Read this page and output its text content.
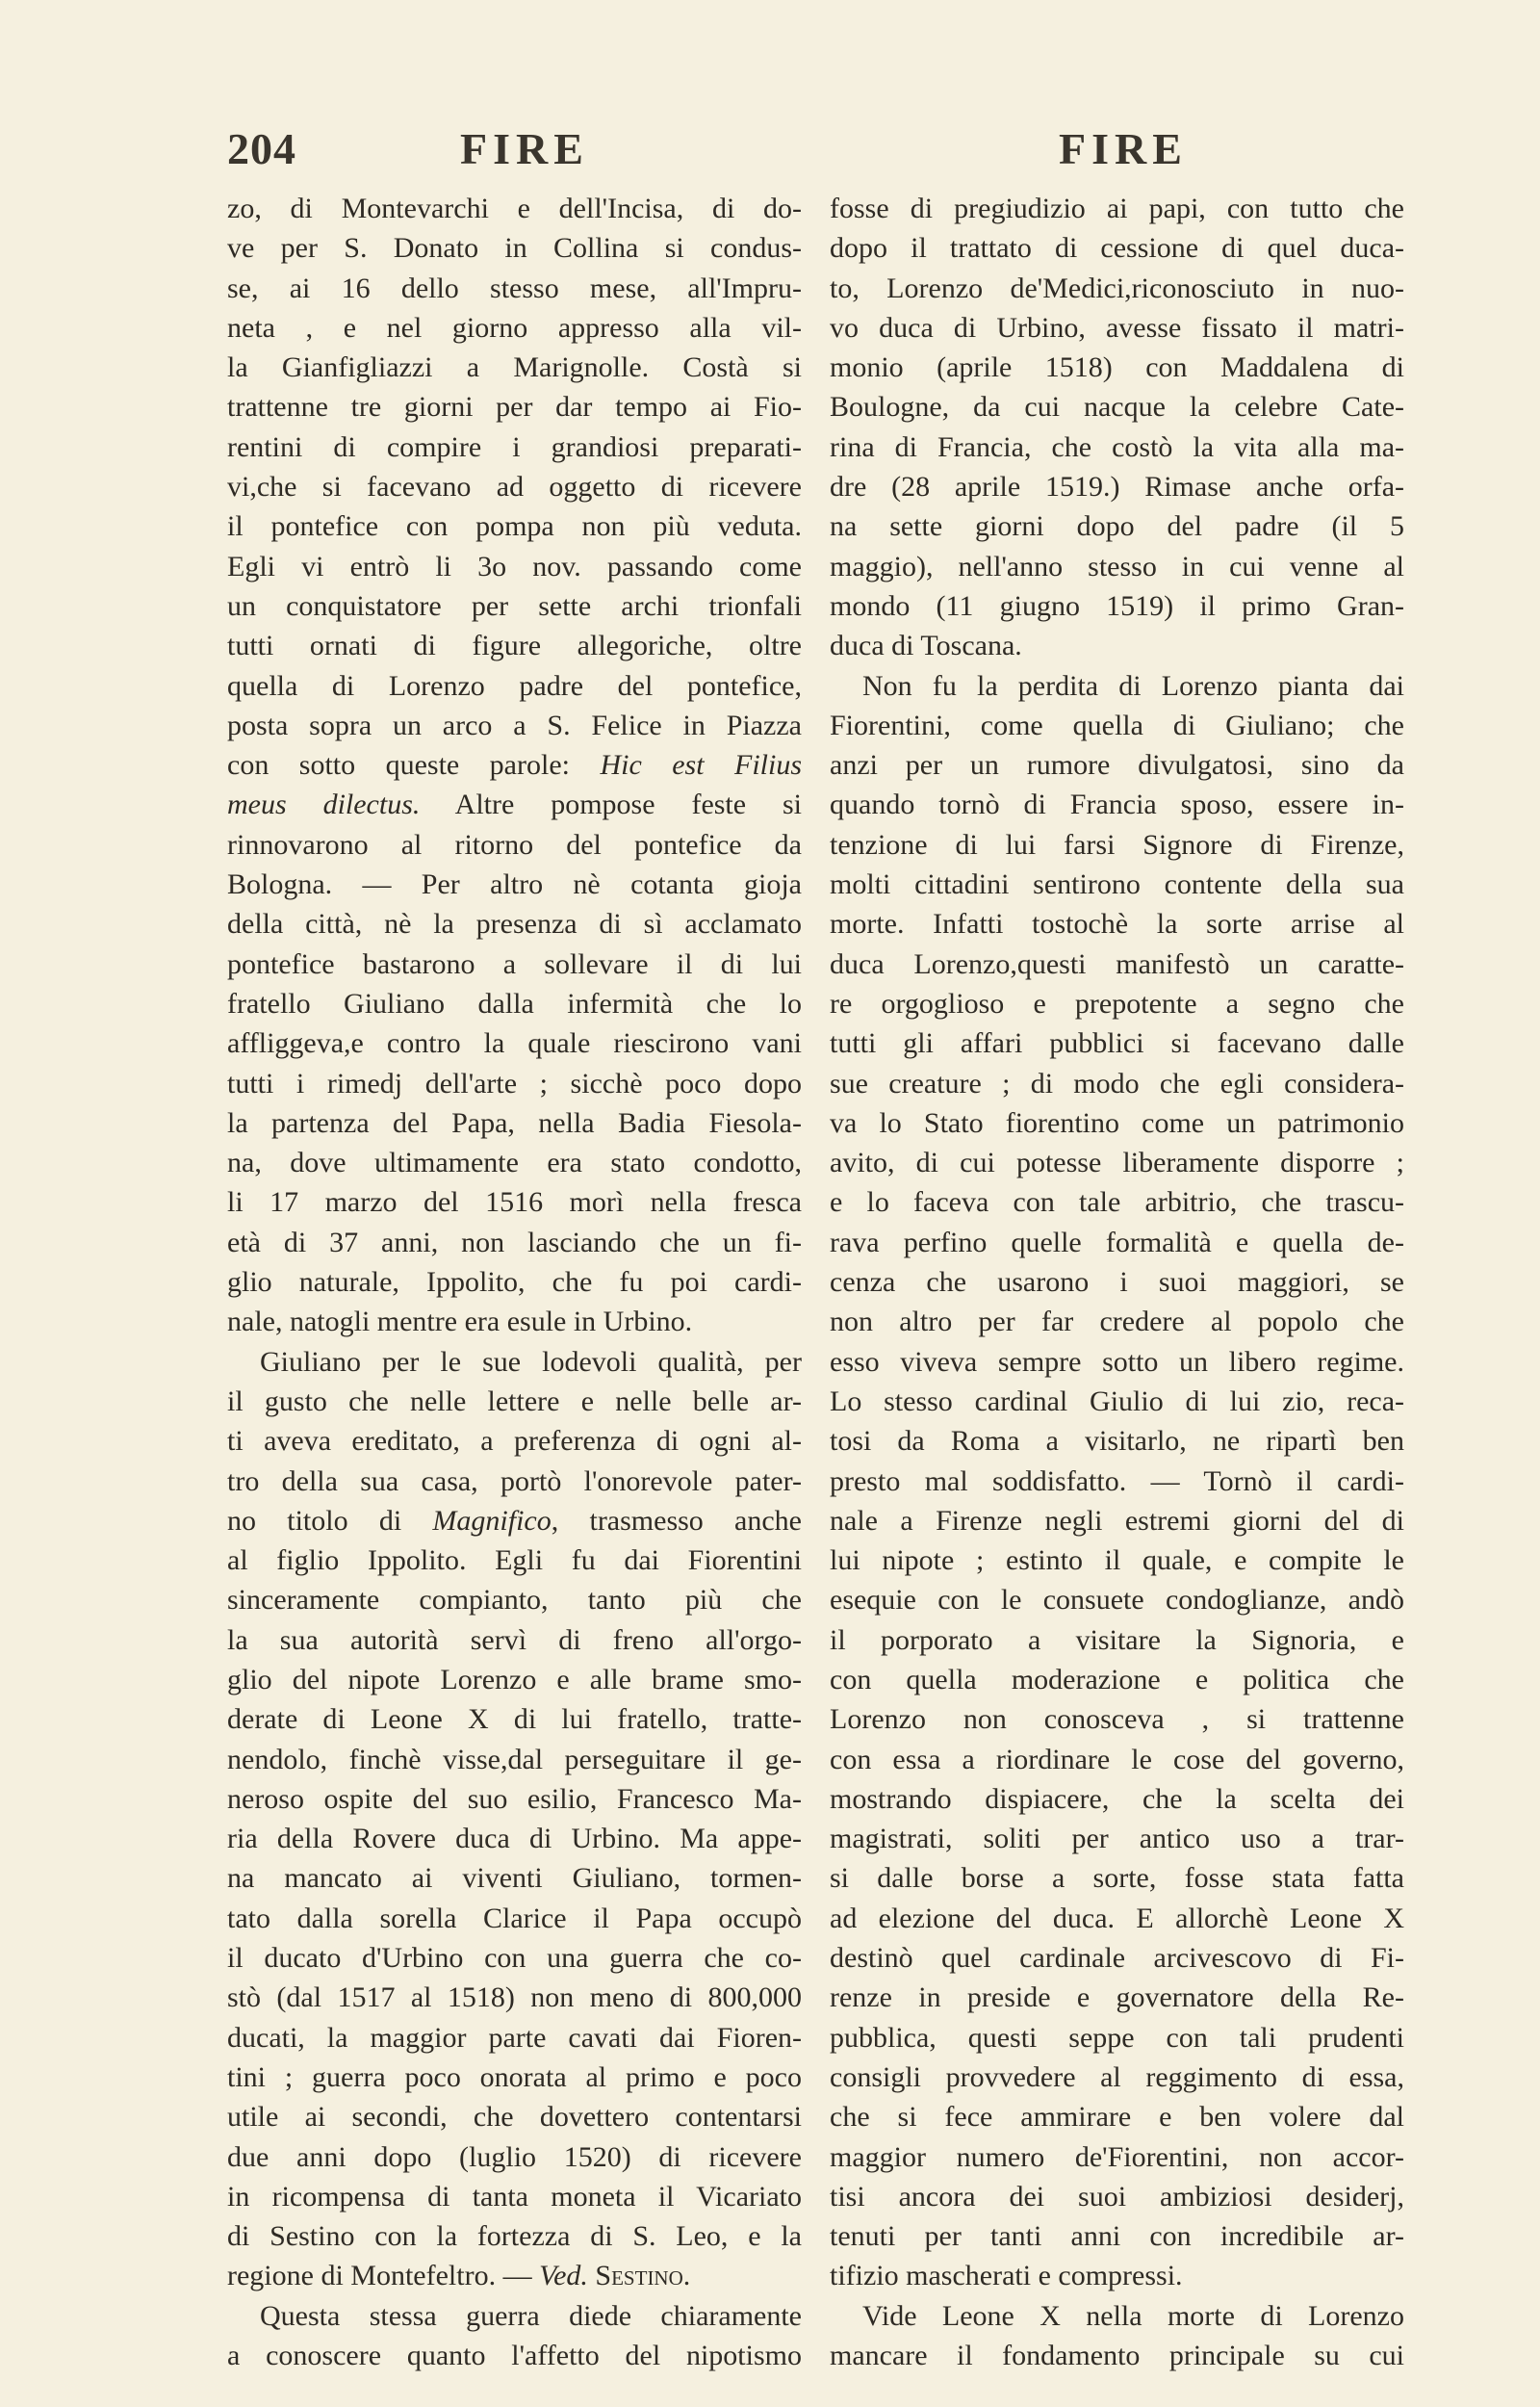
204	FIRE	FIRE
zo, di Montevarchi e dell'Incisa, di do-
ve per S. Donato in Collina si condus-
se, ai 16 dello stesso mese, all'Impru-
neta , e nel giorno appresso alla vil-
la Gianfigliazzi a Marignolle. Costà si
trattenne tre giorni per dar tempo ai Fio-
rentini di compire i grandiosi preparati-
vi,che si facevano ad oggetto di ricevere
il pontefice con pompa non più veduta.
Egli vi entrò li 3o nov. passando come
un conquistatore per sette archi trionfali
tutti ornati di figure allegoriche, oltre
quella di Lorenzo padre del pontefice,
posta sopra un arco a S. Felice in Piazza
con sotto queste parole: Hic est Filius
meus dilectus. Altre pompose feste si
rinnovarono al ritorno del pontefice da
Bologna. — Per altro nè cotanta gioja
della città, nè la presenza di sì acclamato
pontefice bastarono a sollevare il di lui
fratello Giuliano dalla infermità che lo
affliggeva,e contro la quale riescirono vani
tutti i rimedj dell'arte ; sicchè poco dopo
la partenza del Papa, nella Badia Fiesola-
na, dove ultimamente era stato condotto,
li 17 marzo del 1516 morì nella fresca
età di 37 anni, non lasciando che un fi-
glio naturale, Ippolito, che fu poi cardi-
nale, natogli mentre era esule in Urbino.
Giuliano per le sue lodevoli qualità, per
il gusto che nelle lettere e nelle belle ar-
ti aveva ereditato, a preferenza di ogni al-
tro della sua casa, portò l'onorevole pater-
no titolo di Magnifico, trasmesso anche
al figlio Ippolito. Egli fu dai Fiorentini
sinceramente compianto, tanto più che
la sua autorità servì di freno all'orgo-
glio del nipote Lorenzo e alle brame smo-
derate di Leone X di lui fratello, tratte-
nendolo, finchè visse,dal perseguitare il ge-
neroso ospite del suo esilio, Francesco Ma-
ria della Rovere duca di Urbino. Ma appe-
na mancato ai viventi Giuliano, tormen-
tato dalla sorella Clarice il Papa occupò
il ducato d'Urbino con una guerra che co-
stò (dal 1517 al 1518) non meno di 800,000
ducati, la maggior parte cavati dai Fioren-
tini ; guerra poco onorata al primo e poco
utile ai secondi, che dovettero contentarsi
due anni dopo (luglio 1520) di ricevere
in ricompensa di tanta moneta il Vicariato
di Sestino con la fortezza di S. Leo, e la
regione di Montefeltro. — Ved. Sestino.
Questa stessa guerra diede chiaramente
a conoscere quanto l'affetto del nipotismo
fosse di pregiudizio ai papi, con tutto che
dopo il trattato di cessione di quel duca-
to, Lorenzo de'Medici,riconosciuto in nuo-
vo duca di Urbino, avesse fissato il matri-
monio (aprile 1518) con Maddalena di
Boulogne, da cui nacque la celebre Cate-
rina di Francia, che costò la vita alla ma-
dre (28 aprile 1519.) Rimase anche orfa-
na sette giorni dopo del padre (il 5
maggio), nell'anno stesso in cui venne al
mondo (11 giugno 1519) il primo Gran-
duca di Toscana.
Non fu la perdita di Lorenzo pianta dai
Fiorentini, come quella di Giuliano; che
anzi per un rumore divulgatosi, sino da
quando tornò di Francia sposo, essere in-
tenzione di lui farsi Signore di Firenze,
molti cittadini sentirono contente della sua
morte. Infatti tostochè la sorte arrise al
duca Lorenzo,questi manifestò un caratte-
re orgoglioso e prepotente a segno che
tutti gli affari pubblici si facevano dalle
sue creature ; di modo che egli considera-
va lo Stato fiorentino come un patrimonio
avito, di cui potesse liberamente disporre ;
e lo faceva con tale arbitrio, che trascu-
rava perfino quelle formalità e quella de-
cenza che usarono i suoi maggiori, se
non altro per far credere al popolo che
esso viveva sempre sotto un libero regime.
Lo stesso cardinal Giulio di lui zio, reca-
tosi da Roma a visitarlo, ne ripartì ben
presto mal soddisfatto. — Tornò il cardi-
nale a Firenze negli estremi giorni del di
lui nipote ; estinto il quale, e compite le
esequie con le consuete condoglianze, andò
il porporato a visitare la Signoria, e
con quella moderazione e politica che
Lorenzo non conosceva , si trattenne
con essa a riordinare le cose del governo,
mostrando dispiacere, che la scelta dei
magistrati, soliti per antico uso a trar-
si dalle borse a sorte, fosse stata fatta
ad elezione del duca. E allorchè Leone X
destinò quel cardinale arcivescovo di Fi-
renze in preside e governatore della Re-
pubblica, questi seppe con tali prudenti
consigli provvedere al reggimento di essa,
che si fece ammirare e ben volere dal
maggior numero de'Fiorentini, non accor-
tisi ancora dei suoi ambiziosi desiderj,
tenuti per tanti anni con incredibile ar-
tifizio mascherati e compressi.
Vide Leone X nella morte di Lorenzo
mancare il fondamento principale su cui
